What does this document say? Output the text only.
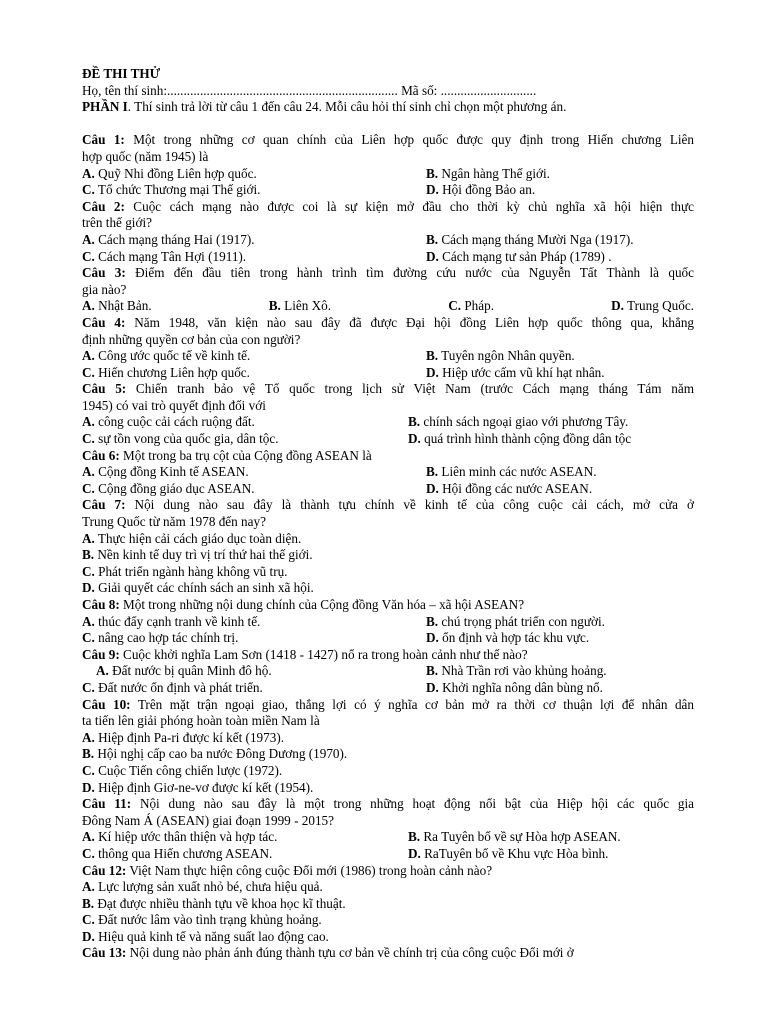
ĐỀ THI THỬ
Họ, tên thí sinh:...................................................................... Mã số: .............................
PHẦN I. Thí sinh trả lời từ câu 1 đến câu 24. Mỗi câu hỏi thí sinh chỉ chọn một phương án.
Câu 1: Một trong những cơ quan chính của Liên hợp quốc được quy định trong Hiến chương Liên
hợp quốc (năm 1945) là
A. Quỹ Nhi đồng Liên hợp quốc.	B. Ngân hàng Thế giới.
C. Tổ chức Thương mại Thế giới.	D. Hội đồng Bảo an.
Câu 2: Cuộc cách mạng nào được coi là sự kiện mở đầu cho thời kỳ chủ nghĩa xã hội hiện thực
trên thế giới?
A. Cách mạng tháng Hai (1917).	B. Cách mạng tháng Mười Nga (1917).
C. Cách mạng Tân Hợi (1911).	D. Cách mạng tư sản Pháp (1789) .
Câu 3: Điểm đến đầu tiên trong hành trình tìm đường cứu nước của Nguyễn Tất Thành là quốc
gia nào?
A. Nhật Bản.	B. Liên Xô.	C. Pháp.	D. Trung Quốc.
Câu 4: Năm 1948, văn kiện nào sau đây đã được Đại hội đồng Liên hợp quốc thông qua, khẳng
định những quyền cơ bản của con người?
A. Công ước quốc tế về kinh tế.	B. Tuyên ngôn Nhân quyền.
C. Hiến chương Liên hợp quốc.	D. Hiệp ước cấm vũ khí hạt nhân.
Câu 5: Chiến tranh bảo vệ Tổ quốc trong lịch sử Việt Nam (trước Cách mạng tháng Tám năm
1945) có vai trò quyết định đối với
A. công cuộc cải cách ruộng đất.	B. chính sách ngoại giao với phương Tây.
C. sự tồn vong của quốc gia, dân tộc.	D. quá trình hình thành cộng đồng dân tộc
Câu 6: Một trong ba trụ cột của Cộng đồng ASEAN là
A. Cộng đồng Kinh tế ASEAN.	B. Liên minh các nước ASEAN.
C. Cộng đồng giáo dục ASEAN.	D. Hội đồng các nước ASEAN.
Câu 7: Nội dung nào sau đây là thành tựu chính về kinh tế của công cuộc cải cách, mở cửa ở
Trung Quốc từ năm 1978 đến nay?
A. Thực hiện cải cách giáo dục toàn diện.
B. Nền kinh tế duy trì vị trí thứ hai thế giới.
C. Phát triển ngành hàng không vũ trụ.
D. Giải quyết các chính sách an sinh xã hội.
Câu 8: Một trong những nội dung chính của Cộng đồng Văn hóa – xã hội ASEAN?
A. thúc đẩy cạnh tranh về kinh tế.	B. chú trọng phát triển con người.
C. nâng cao hợp tác chính trị.	D. ổn định và hợp tác khu vực.
Câu 9: Cuộc khởi nghĩa Lam Sơn (1418 - 1427) nổ ra trong hoàn cảnh như thế nào?
A. Đất nước bị quân Minh đô hộ.	B. Nhà Trần rơi vào khủng hoảng.
C. Đất nước ổn định và phát triển.	D. Khởi nghĩa nông dân bùng nổ.
Câu 10: Trên mặt trận ngoại giao, thắng lợi có ý nghĩa cơ bản mở ra thời cơ thuận lợi để nhân dân
ta tiến lên giải phóng hoàn toàn miền Nam là
A. Hiệp định Pa-ri được kí kết (1973).
B. Hội nghị cấp cao ba nước Đông Dương (1970).
C. Cuộc Tiến công chiến lược (1972).
D. Hiệp định Giơ-ne-vơ được kí kết (1954).
Câu 11: Nội dung nào sau đây là một trong những hoạt động nổi bật của Hiệp hội các quốc gia
Đông Nam Á (ASEAN) giai đoạn 1999 - 2015?
A. Kí hiệp ước thân thiện và hợp tác.	B. Ra Tuyên bố về sự Hòa hợp ASEAN.
C. thông qua Hiến chương ASEAN.	D. RaTuyên bố về Khu vực Hòa bình.
Câu 12: Việt Nam thực hiện công cuộc Đổi mới (1986) trong hoàn cảnh nào?
A. Lực lượng sản xuất nhỏ bé, chưa hiệu quả.
B. Đạt được nhiều thành tựu về khoa học kĩ thuật.
C. Đất nước lâm vào tình trạng khủng hoảng.
D. Hiệu quả kinh tế và năng suất lao động cao.
Câu 13: Nội dung nào phản ánh đúng thành tựu cơ bản về chính trị của công cuộc Đổi mới ở
